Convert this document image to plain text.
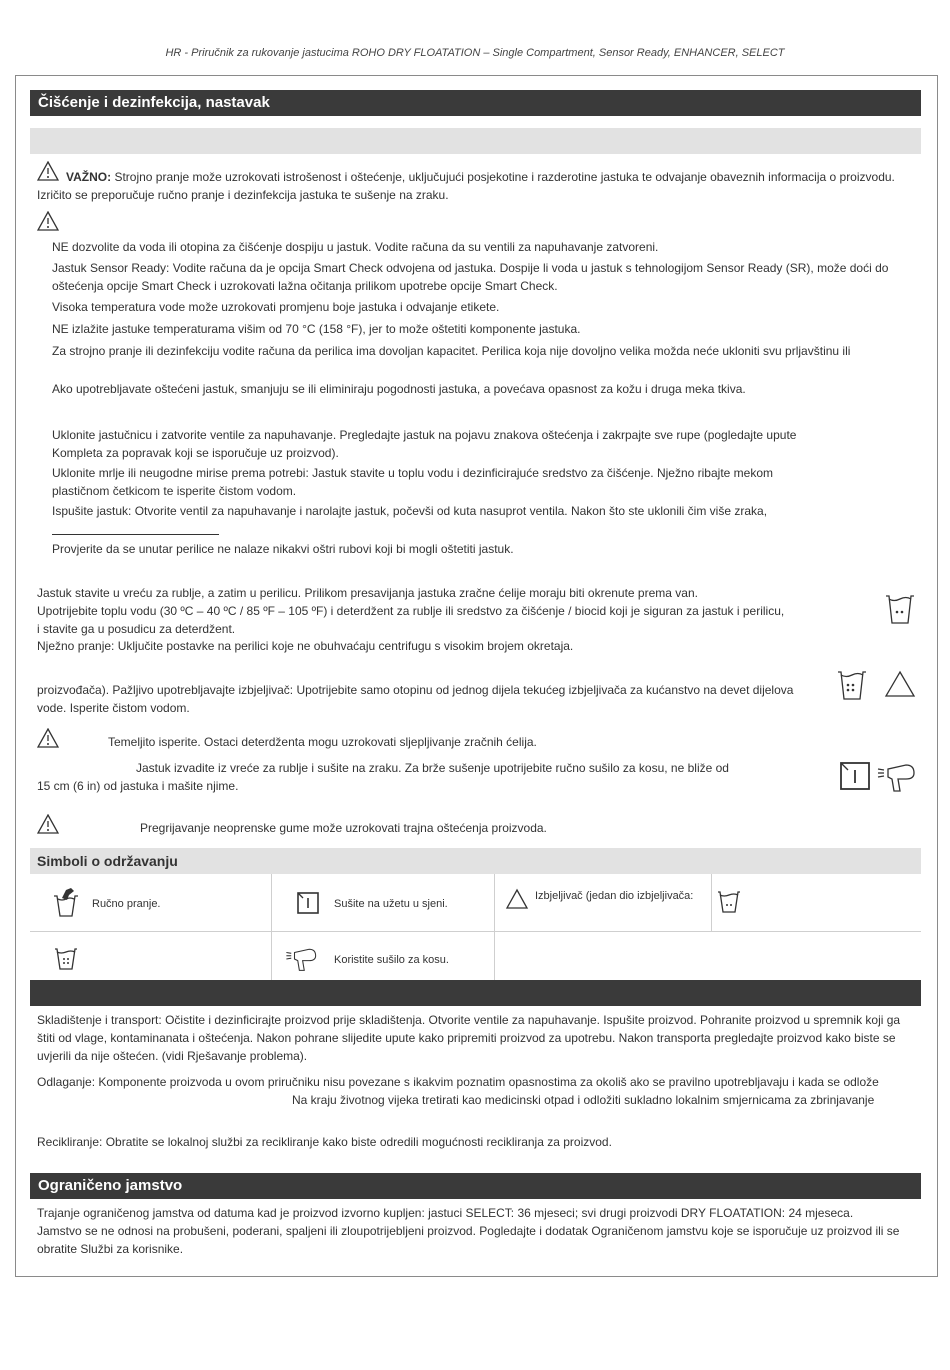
HR - Priručnik za rukovanje jastucima ROHO DRY FLOATATION – Single Compartment, Sensor Ready, ENHANCER, SELECT
Čišćenje i dezinfekcija, nastavak
VAŽNO: Strojno pranje može uzrokovati istrošenost i oštećenje, uključujući posjekotine i razderotine jastuka te odvajanje obaveznih informacija o proizvodu.
Izričito se preporučuje ručno pranje i dezinfekcija jastuka te sušenje na zraku.
NE dozvolite da voda ili otopina za čišćenje dospiju u jastuk. Vodite računa da su ventili za napuhavanje zatvoreni.
Jastuk Sensor Ready: Vodite računa da je opcija Smart Check odvojena od jastuka. Dospije li voda u jastuk s tehnologijom Sensor Ready (SR), može doći do
oštećenja opcije Smart Check i uzrokovati lažna očitanja prilikom upotrebe opcije Smart Check.
Visoka temperatura vode može uzrokovati promjenu boje jastuka i odvajanje etikete.
NE izlažite jastuke temperaturama višim od 70 °C (158 °F), jer to može oštetiti komponente jastuka.
Za strojno pranje ili dezinfekciju vodite računa da perilica ima dovoljan kapacitet. Perilica koja nije dovoljno velika možda neće ukloniti svu prljavštinu ili
Ako upotrebljavate oštećeni jastuk, smanjuju se ili eliminiraju pogodnosti jastuka, a povećava opasnost za kožu i druga meka tkiva.
Uklonite jastučnicu i zatvorite ventile za napuhavanje. Pregledajte jastuk na pojavu znakova oštećenja i zakrpajte sve rupe (pogledajte upute
Kompleta za popravak koji se isporučuje uz proizvod).
Uklonite mrlje ili neugodne mirise prema potrebi: Jastuk stavite u toplu vodu i dezinficirajuće sredstvo za čišćenje. Nježno ribajte mekom
plastičnom četkicom te isperite čistom vodom.
Ispušite jastuk: Otvorite ventil za napuhavanje i narolajte jastuk, počevši od kuta nasuprot ventila. Nakon što ste uklonili čim više zraka,
Provjerite da se unutar perilice ne nalaze nikakvi oštri rubovi koji bi mogli oštetiti jastuk.
Jastuk stavite u vreću za rublje, a zatim u perilicu. Prilikom presavijanja jastuka zračne ćelije moraju biti okrenute prema van.
Upotrijebite toplu vodu (30 ºC – 40 ºC / 85 ºF – 105 ºF) i deterdžent za rublje ili sredstvo za čišćenje / biocid koji je siguran za jastuk i perilicu,
i stavite ga u posudicu za deterdžent.
Nježno pranje: Uključite postavke na perilici koje ne obuhvaćaju centrifugu s visokim brojem okretaja.
proizvođača). Pažljivo upotrebljavajte izbjeljivač: Upotrijebite samo otopinu od jednog dijela tekućeg izbjeljivača za kućanstvo na devet dijelova
vode. Isperite čistom vodom.
Temeljito isperite. Ostaci deterdženta mogu uzrokovati sljepljivanje zračnih ćelija.
Jastuk izvadite iz vreće za rublje i sušite na zraku. Za brže sušenje upotrijebite ručno sušilo za kosu, ne bliže od
15 cm (6 in) od jastuka i mašite njime.
Pregrijavanje neoprenske gume može uzrokovati trajna oštećenja proizvoda.
Simboli o održavanju
Ručno pranje.	Sušite na užetu u sjeni.
Izbjeljivač (jedan dio izbjeljivača:
Koristite sušilo za kosu.
Skladištenje i transport: Očistite i dezinficirajte proizvod prije skladištenja. Otvorite ventile za napuhavanje. Ispušite proizvod. Pohranite proizvod u spremnik koji ga
štiti od vlage, kontaminanata i oštećenja. Nakon pohrane slijedite upute kako pripremiti proizvod za upotrebu. Nakon transporta pregledajte proizvod kako biste se
uvjerili da nije oštećen. (vidi Rješavanje problema).
Odlaganje: Komponente proizvoda u ovom priručniku nisu povezane s ikakvim poznatim opasnostima za okoliš ako se pravilno upotrebljavaju i kada se odlože
Na kraju životnog vijeka tretirati kao medicinski otpad i odložiti sukladno lokalnim smjernicama za zbrinjavanje
Recikliranje: Obratite se lokalnoj službi za recikliranje kako biste odredili mogućnosti recikliranja za proizvod.
Ograničeno jamstvo
Trajanje ograničenog jamstva od datuma kad je proizvod izvorno kupljen: jastuci SELECT: 36 mjeseci; svi drugi proizvodi DRY FLOATATION: 24 mjeseca.
Jamstvo se ne odnosi na probušeni, poderani, spaljeni ili zloupotrijebljeni proizvod. Pogledajte i dodatak Ograničenom jamstvu koje se isporučuje uz proizvod ili se
obratite Službi za korisnike.
